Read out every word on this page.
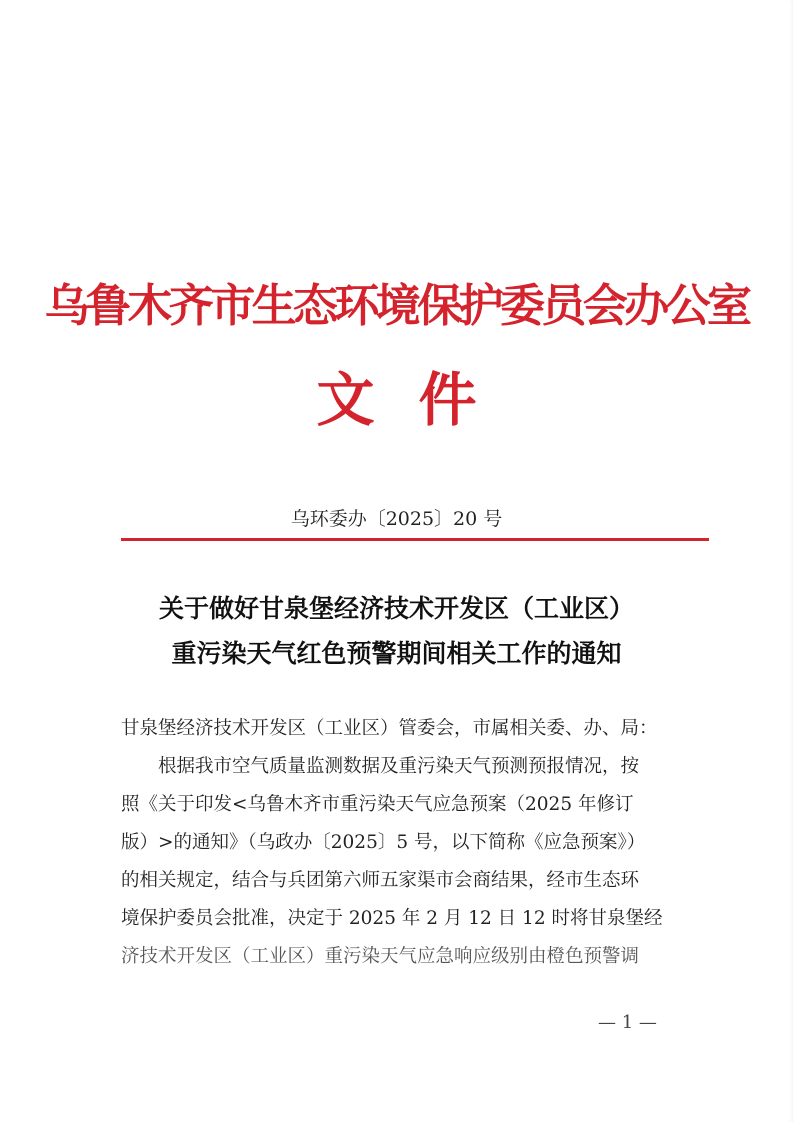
乌鲁木齐市生态环境保护委员会办公室
文件
乌环委办〔2025〕20 号
关于做好甘泉堡经济技术开发区（工业区）
重污染天气红色预警期间相关工作的通知
甘泉堡经济技术开发区（工业区）管委会，市属相关委、办、局：
根据我市空气质量监测数据及重污染天气预测预报情况，按
照《关于印发<乌鲁木齐市重污染天气应急预案（2025 年修订
版）>的通知》（乌政办〔2025〕5 号，以下简称《应急预案》）
的相关规定，结合与兵团第六师五家渠市会商结果，经市生态环
境保护委员会批准，决定于 2025 年 2 月 12 日 12 时将甘泉堡经
济技术开发区（工业区）重污染天气应急响应级别由橙色预警调
— 1 —
